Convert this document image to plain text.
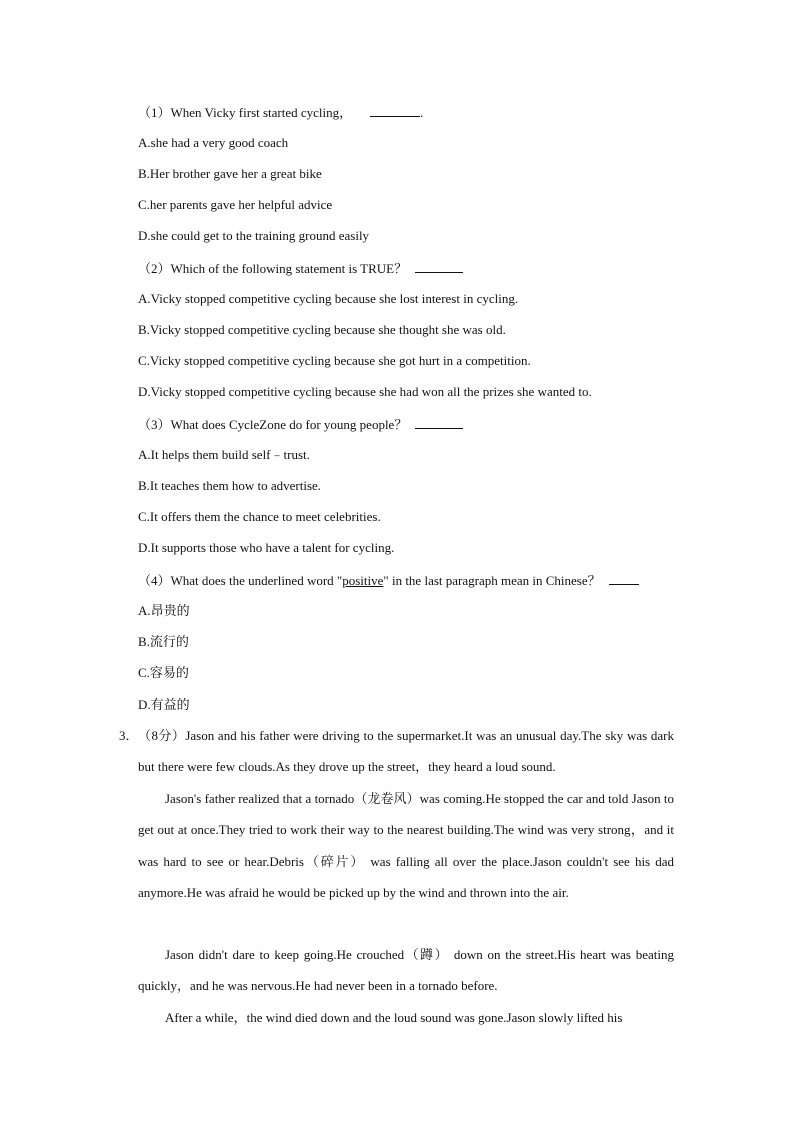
（1）When Vicky first started cycling，	.
A.she had a very good coach
B.Her brother gave her a great bike
C.her parents gave her helpful advice
D.she could get to the training ground easily
（2）Which of the following statement is TRUE？
A.Vicky stopped competitive cycling because she lost interest in cycling.
B.Vicky stopped competitive cycling because she thought she was old.
C.Vicky stopped competitive cycling because she got hurt in a competition.
D.Vicky stopped competitive cycling because she had won all the prizes she wanted to.
（3）What does CycleZone do for young people？
A.It helps them build self﹣trust.
B.It teaches them how to advertise.
C.It offers them the chance to meet celebrities.
D.It supports those who have a talent for cycling.
（4）What does the underlined word "positive" in the last paragraph mean in Chinese？
A.昂贵的
B.流行的
C.容易的
D.有益的
3． （8分）Jason and his father were driving to the supermarket.It was an unusual day.The sky was dark but there were few clouds.As they drove up the street，they heard a loud sound.

Jason's father realized that a tornado（龙卷风）was coming.He stopped the car and told Jason to get out at once.They tried to work their way to the nearest building.The wind was very strong，and it was hard to see or hear.Debris（碎片） was falling all over the place.Jason couldn't see his dad anymore.He was afraid he would be picked up by the wind and thrown into the air.

Jason didn't dare to keep going.He crouched（蹲） down on the street.His heart was beating quickly，and he was nervous.He had never been in a tornado before.

After a while，the wind died down and the loud sound was gone.Jason slowly lifted his
